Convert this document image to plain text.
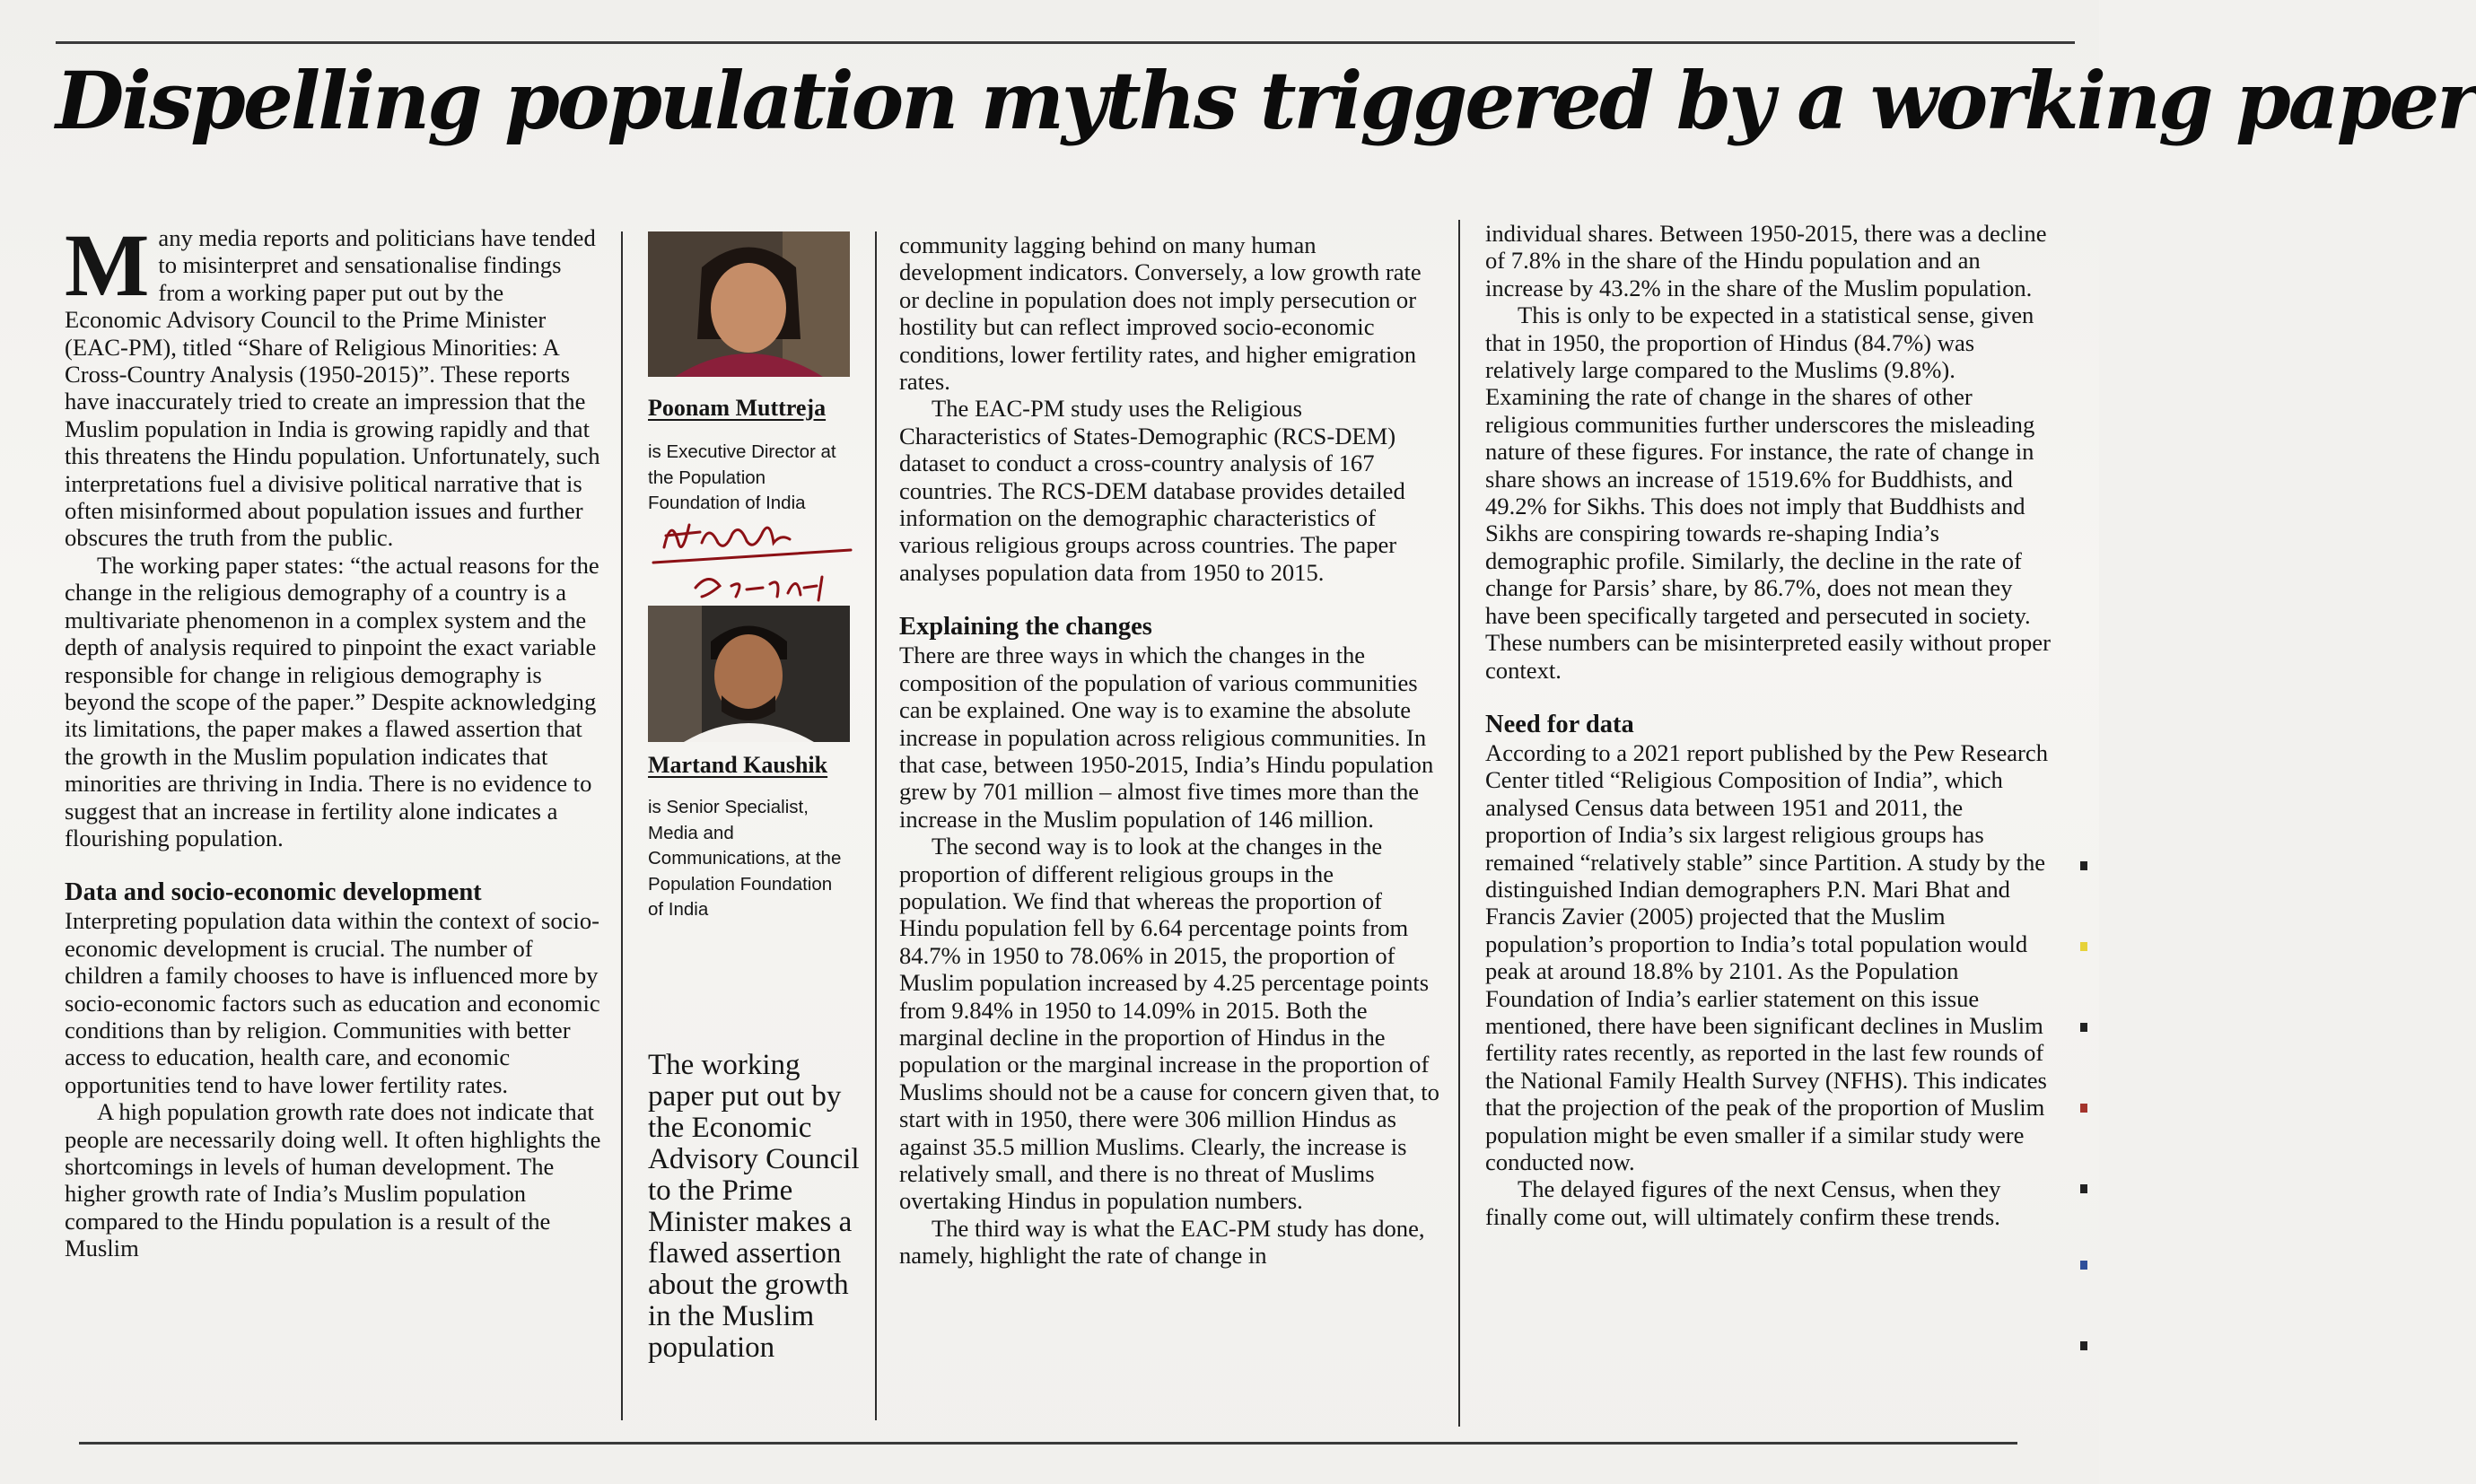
Dispelling population myths triggered by a working paper
M any media reports and politicians have tended to misinterpret and sensationalise findings from a working paper put out by the Economic Advisory Council to the Prime Minister (EAC-PM), titled “Share of Religious Minorities: A Cross-Country Analysis (1950-2015)”. These reports have inaccurately tried to create an impression that the Muslim population in India is growing rapidly and that this threatens the Hindu population. Unfortunately, such interpretations fuel a divisive political narrative that is often misinformed about population issues and further obscures the truth from the public.

The working paper states: “the actual reasons for the change in the religious demography of a country is a multivariate phenomenon in a complex system and the depth of analysis required to pinpoint the exact variable responsible for change in religious demography is beyond the scope of the paper.” Despite acknowledging its limitations, the paper makes a flawed assertion that the growth in the Muslim population indicates that minorities are thriving in India. There is no evidence to suggest that an increase in fertility alone indicates a flourishing population.

Data and socio-economic development

Interpreting population data within the context of socio-economic development is crucial. The number of children a family chooses to have is influenced more by socio-economic factors such as education and economic conditions than by religion. Communities with better access to education, health care, and economic opportunities tend to have lower fertility rates.

A high population growth rate does not indicate that people are necessarily doing well. It often highlights the shortcomings in levels of human development. The higher growth rate of India’s Muslim population compared to the Hindu population is a result of the Muslim

Poonam Muttreja
is Executive Director at the Population Foundation of India
Martand Kaushik
is Senior Specialist, Media and Communications, at the Population Foundation of India
The working paper put out by the Economic Advisory Council to the Prime Minister makes a flawed assertion about the growth in the Muslim population

community lagging behind on many human development indicators. Conversely, a low growth rate or decline in population does not imply persecution or hostility but can reflect improved socio-economic conditions, lower fertility rates, and higher emigration rates.

The EAC-PM study uses the Religious Characteristics of States-Demographic (RCS-DEM) dataset to conduct a cross-country analysis of 167 countries. The RCS-DEM database provides detailed information on the demographic characteristics of various religious groups across countries. The paper analyses population data from 1950 to 2015.

Explaining the changes

There are three ways in which the changes in the composition of the population of various communities can be explained. One way is to examine the absolute increase in population across religious communities. In that case, between 1950-2015, India’s Hindu population grew by 701 million – almost five times more than the increase in the Muslim population of 146 million.

The second way is to look at the changes in the proportion of different religious groups in the population. We find that whereas the proportion of Hindu population fell by 6.64 percentage points from 84.7% in 1950 to 78.06% in 2015, the proportion of Muslim population increased by 4.25 percentage points from 9.84% in 1950 to 14.09% in 2015. Both the marginal decline in the proportion of Hindus in the population or the marginal increase in the proportion of Muslims should not be a cause for concern given that, to start with in 1950, there were 306 million Hindus as against 35.5 million Muslims. Clearly, the increase is relatively small, and there is no threat of Muslims overtaking Hindus in population numbers.

The third way is what the EAC-PM study has done, namely, highlight the rate of change in

individual shares. Between 1950-2015, there was a decline of 7.8% in the share of the Hindu population and an increase by 43.2% in the share of the Muslim population.

This is only to be expected in a statistical sense, given that in 1950, the proportion of Hindus (84.7%) was relatively large compared to the Muslims (9.8%). Examining the rate of change in the shares of other religious communities further underscores the misleading nature of these figures. For instance, the rate of change in share shows an increase of 1519.6% for Buddhists, and 49.2% for Sikhs. This does not imply that Buddhists and Sikhs are conspiring towards re-shaping India’s demographic profile. Similarly, the decline in the rate of change for Parsis’ share, by 86.7%, does not mean they have been specifically targeted and persecuted in society. These numbers can be misinterpreted easily without proper context.

Need for data

According to a 2021 report published by the Pew Research Center titled “Religious Composition of India”, which analysed Census data between 1951 and 2011, the proportion of India’s six largest religious groups has remained “relatively stable” since Partition. A study by the distinguished Indian demographers P.N. Mari Bhat and Francis Zavier (2005) projected that the Muslim population’s proportion to India’s total population would peak at around 18.8% by 2101. As the Population Foundation of India’s earlier statement on this issue mentioned, there have been significant declines in Muslim fertility rates recently, as reported in the last few rounds of the National Family Health Survey (NFHS). This indicates that the projection of the peak of the proportion of Muslim population might be even smaller if a similar study were conducted now.

The delayed figures of the next Census, when they finally come out, will ultimately confirm these trends.
